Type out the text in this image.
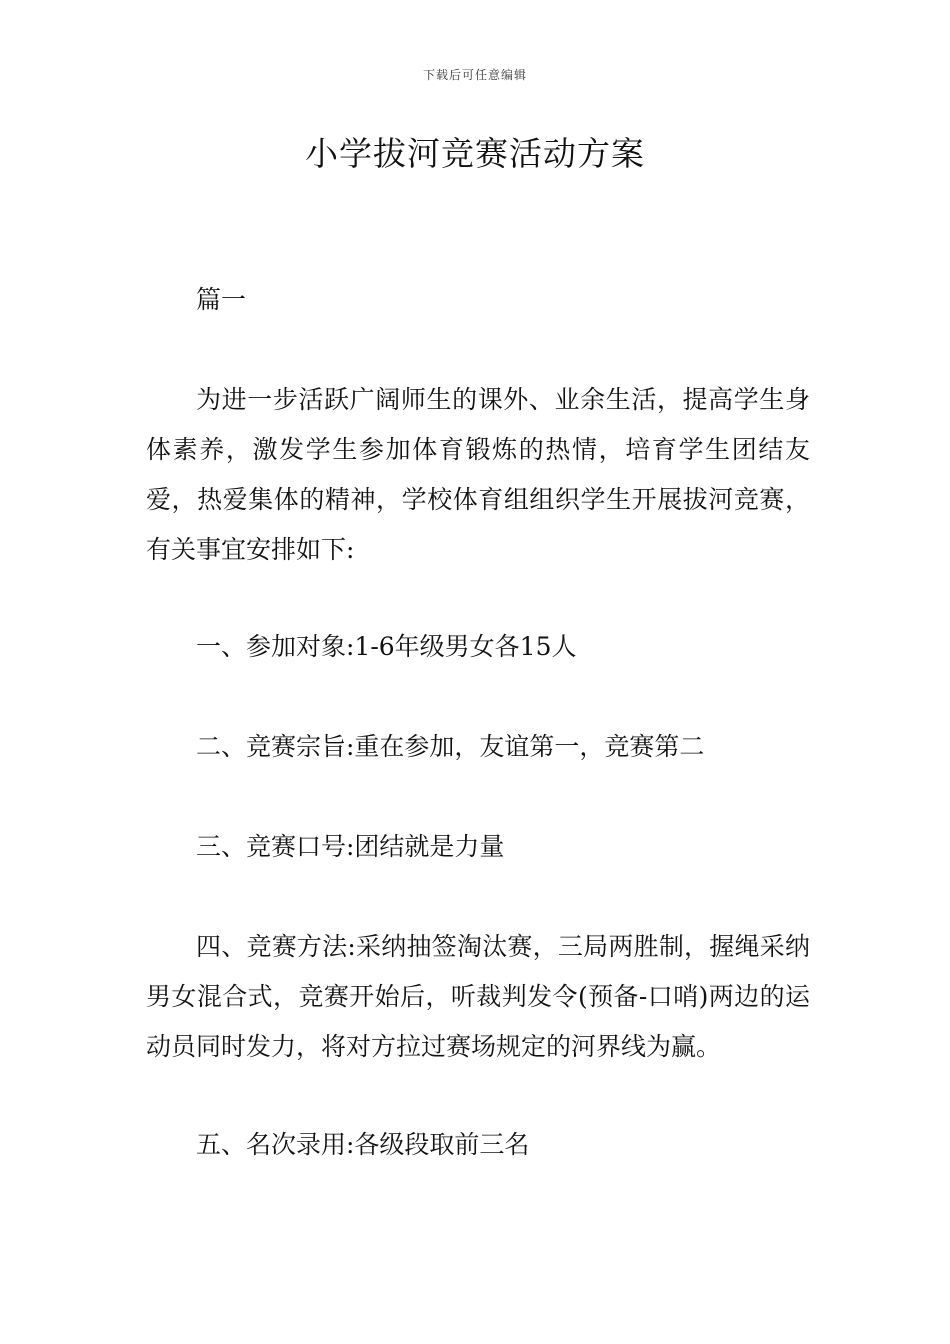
下载后可任意编辑
小学拔河竞赛活动方案

篇一

为进一步活跃广阔师生的课外、业余生活，提高学生身体素养，激发学生参加体育锻炼的热情，培育学生团结友爱，热爱集体的精神，学校体育组组织学生开展拔河竞赛，有关事宜安排如下:

一、参加对象:1-6年级男女各15人

二、竞赛宗旨:重在参加，友谊第一，竞赛第二

三、竞赛口号:团结就是力量

四、竞赛方法:采纳抽签淘汰赛，三局两胜制，握绳采纳男女混合式，竞赛开始后，听裁判发令(预备-口哨)两边的运动员同时发力，将对方拉过赛场规定的河界线为赢。

五、名次录用:各级段取前三名
